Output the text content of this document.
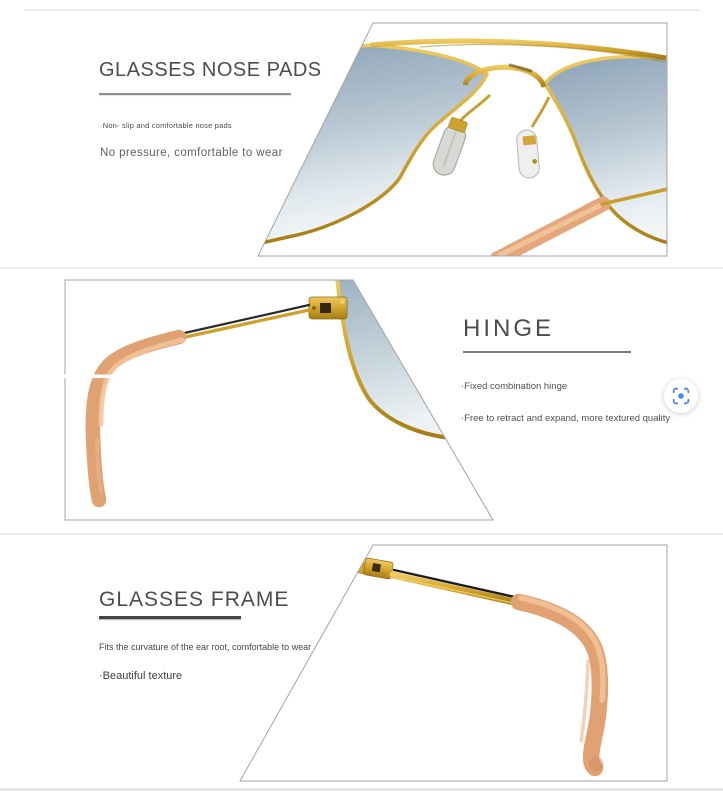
GLASSES NOSE PADS

·Non- slip and comfortable nose pads

No pressure, comfortable to wear

HINGE

·Fixed combination hinge

·Free to retract and expand, more textured quality

GLASSES FRAME

Fits the curvature of the ear root, comfortable to wear

·Beautiful texture
